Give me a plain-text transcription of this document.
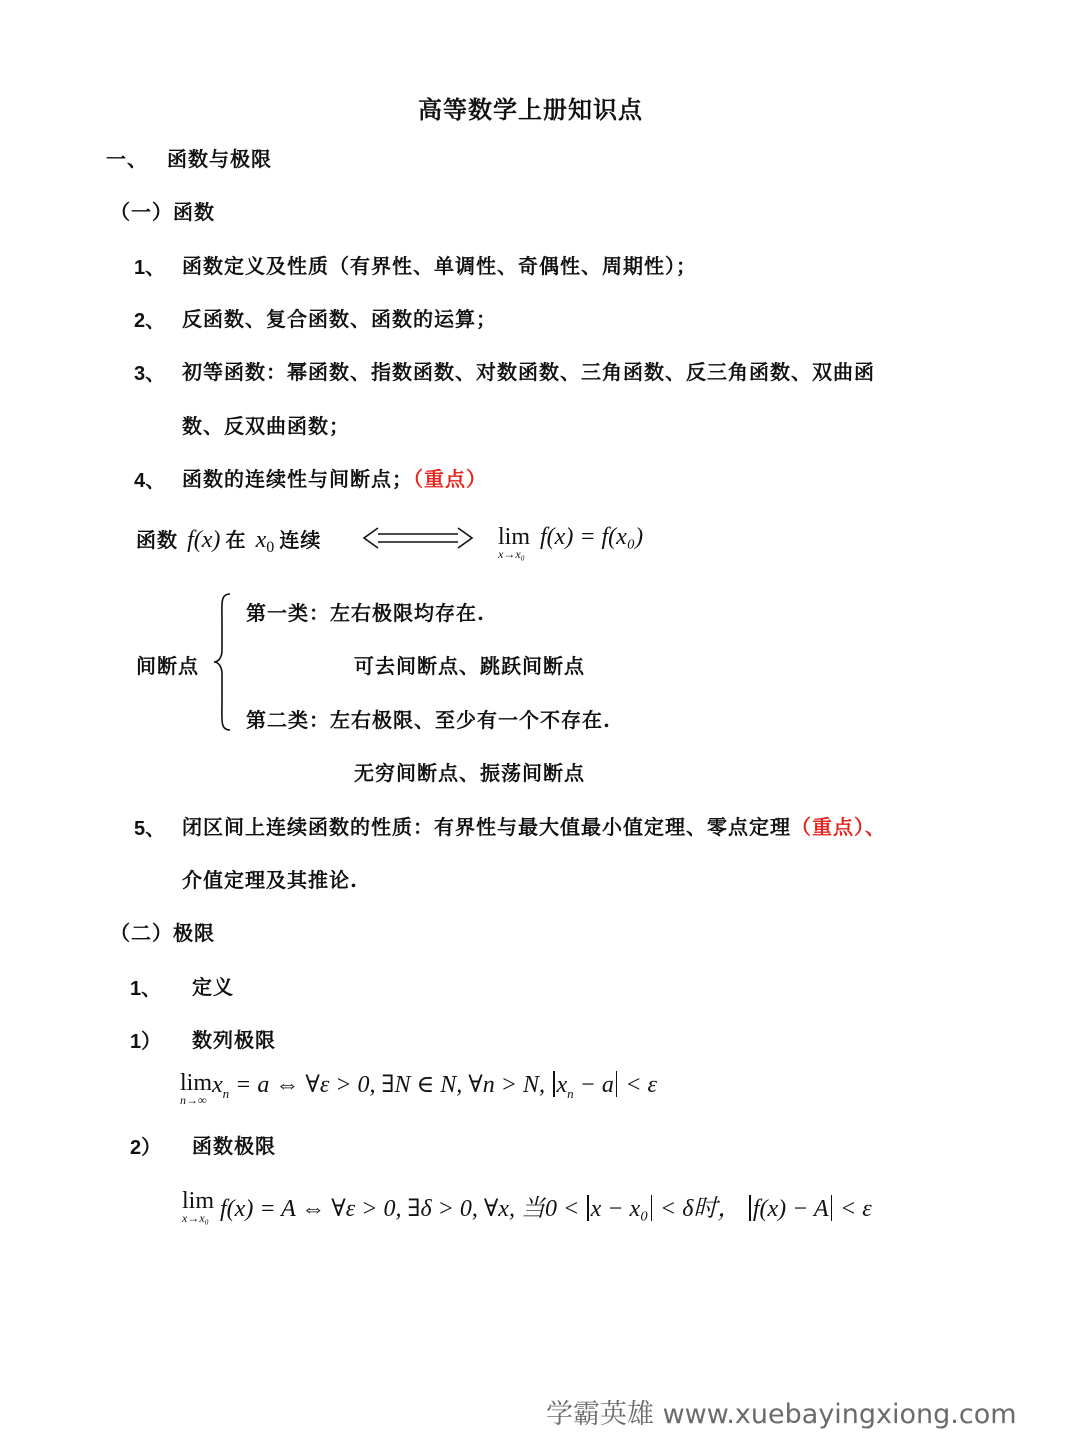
高等数学上册知识点
一、 函数与极限
（一）函数
1、 函数定义及性质（有界性、单调性、奇偶性、周期性）；
2、 反函数、复合函数、函数的运算；
3、 初等函数：幂函数、指数函数、对数函数、三角函数、反三角函数、双曲函
数、反双曲函数；
4、 函数的连续性与间断点；（重点）
函数 f(x) 在 x0 连续	lim
x→x₀
f(x) = f(x₀)
间断点
第一类：左右极限均存在.
可去间断点、跳跃间断点
第二类：左右极限、至少有一个不存在.
无穷间断点、振荡间断点
5、 闭区间上连续函数的性质：有界性与最大值最小值定理、零点定理（重点）、
介值定理及其推论.
（二）极限
1、 定义
1） 数列极限
lim
n→∞
$x_n = a$ ⇔ ∀ε > 0, ∃N ∈ N, ∀n > N, $x_n - a < \varepsilon$
2） 函数极限
lim
x→x₀ f(x) = A ⇔ ∀ε > 0, ∃δ > 0, ∀x, 当0 < x − x₀ < δ时， f(x) − A < ε
学霸英雄 www.xuebayingxiong.com
